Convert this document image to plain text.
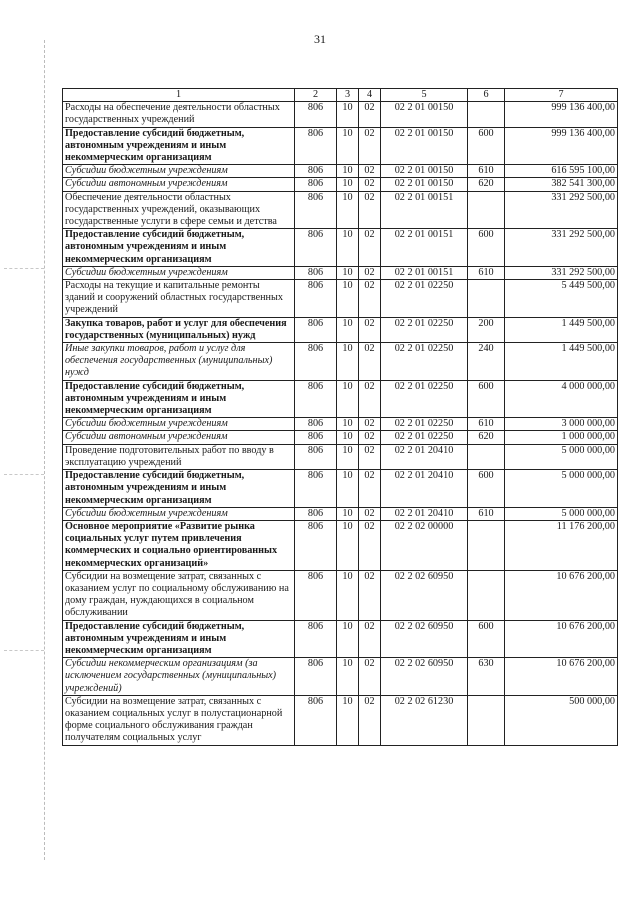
31
1	2	3	4	5	6	7
Расходы на обеспечение деятельности областных государственных учреждений	806	10	02	02 2 01 00150		999 136 400,00
Предоставление субсидий бюджетным, автономным учреждениям и иным некоммерческим организациям	806	10	02	02 2 01 00150	600	999 136 400,00
Субсидии бюджетным учреждениям	806	10	02	02 2 01 00150	610	616 595 100,00
Субсидии автономным учреждениям	806	10	02	02 2 01 00150	620	382 541 300,00
Обеспечение деятельности областных государственных учреждений, оказывающих государственные услуги в сфере семьи и детства	806	10	02	02 2 01 00151		331 292 500,00
Предоставление субсидий бюджетным, автономным учреждениям и иным некоммерческим организациям	806	10	02	02 2 01 00151	600	331 292 500,00
Субсидии бюджетным учреждениям	806	10	02	02 2 01 00151	610	331 292 500,00
Расходы на текущие и капитальные ремонты зданий и сооружений областных государственных учреждений	806	10	02	02 2 01 02250		5 449 500,00
Закупка товаров, работ и услуг для обеспечения государственных (муниципальных) нужд	806	10	02	02 2 01 02250	200	1 449 500,00
Иные закупки товаров, работ и услуг для обеспечения государственных (муниципальных) нужд	806	10	02	02 2 01 02250	240	1 449 500,00
Предоставление субсидий бюджетным, автономным учреждениям и иным некоммерческим организациям	806	10	02	02 2 01 02250	600	4 000 000,00
Субсидии бюджетным учреждениям	806	10	02	02 2 01 02250	610	3 000 000,00
Субсидии автономным учреждениям	806	10	02	02 2 01 02250	620	1 000 000,00
Проведение подготовительных работ по вводу в эксплуатацию учреждений	806	10	02	02 2 01 20410		5 000 000,00
Предоставление субсидий бюджетным, автономным учреждениям и иным некоммерческим организациям	806	10	02	02 2 01 20410	600	5 000 000,00
Субсидии бюджетным учреждениям	806	10	02	02 2 01 20410	610	5 000 000,00
Основное мероприятие «Развитие рынка социальных услуг путем привлечения коммерческих и социально ориентированных некоммерческих организаций»	806	10	02	02 2 02 00000		11 176 200,00
Субсидии на возмещение затрат, связанных с оказанием услуг по социальному обслуживанию на дому граждан, нуждающихся в социальном обслуживании	806	10	02	02 2 02 60950		10 676 200,00
Предоставление субсидий бюджетным, автономным учреждениям и иным некоммерческим организациям	806	10	02	02 2 02 60950	600	10 676 200,00
Субсидии некоммерческим организациям (за исключением государственных (муниципальных) учреждений)	806	10	02	02 2 02 60950	630	10 676 200,00
Субсидии на возмещение затрат, связанных с оказанием социальных услуг в полустационарной форме социального обслуживания граждан получателям социальных услуг	806	10	02	02 2 02 61230		500 000,00
